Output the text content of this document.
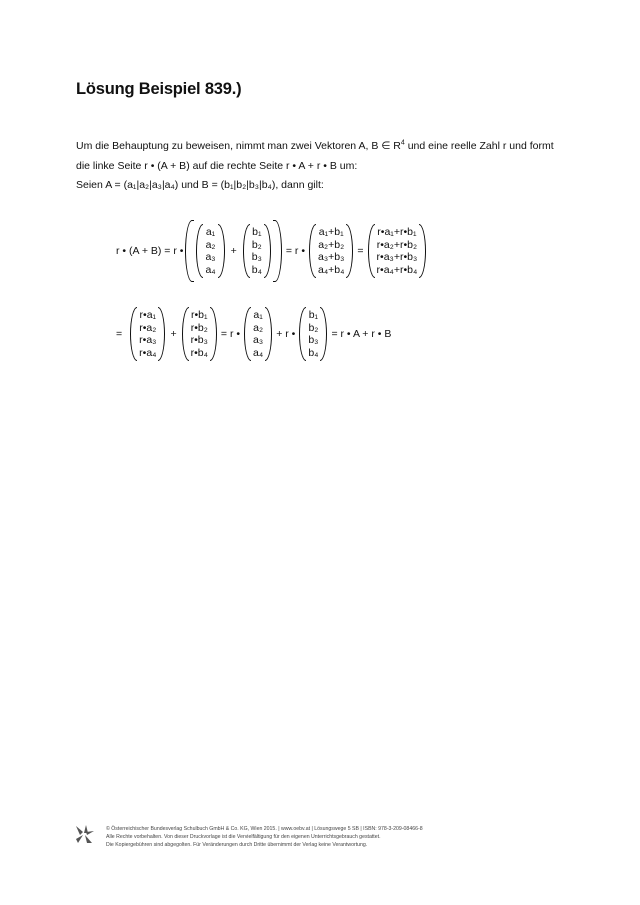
Lösung Beispiel 839.)
Um die Behauptung zu beweisen, nimmt man zwei Vektoren A, B ∈ $R^4$ und eine reelle Zahl r und formt
die linke Seite r • (A + B) auf die rechte Seite r • A + r • B um:
Seien A = (a₁|a₂|a₃|a₄) und B = (b₁|b₂|b₃|b₄), dann gilt:
r • (A + B) = r •
a₁
a₂
a₃
a₄
+
b₁
b₂
b₃
b₄
= r •
a₁+b₁
a₂+b₂
a₃+b₃
a₄+b₄
=
r•a₁+r•b₁
r•a₂+r•b₂
r•a₃+r•b₃
r•a₄+r•b₄
=
r•a₁
r•a₂
r•a₃
r•a₄
+
r•b₁
r•b₂
r•b₃
r•b₄
= r •
a₁
a₂
a₃
a₄
+ r •
b₁
b₂
b₃
b₄
= r • A + r • B
© Österreichischer Bundesverlag Schulbuch GmbH & Co. KG, Wien 2015. | www.oebv.at | Lösungswege 5 SB | ISBN: 978-3-209-08466-8
Alle Rechte vorbehalten. Von dieser Druckvorlage ist die Vervielfältigung für den eigenen Unterrichtsgebrauch gestattet.
Die Kopiergebühren sind abgegolten. Für Veränderungen durch Dritte übernimmt der Verlag keine Verantwortung.
